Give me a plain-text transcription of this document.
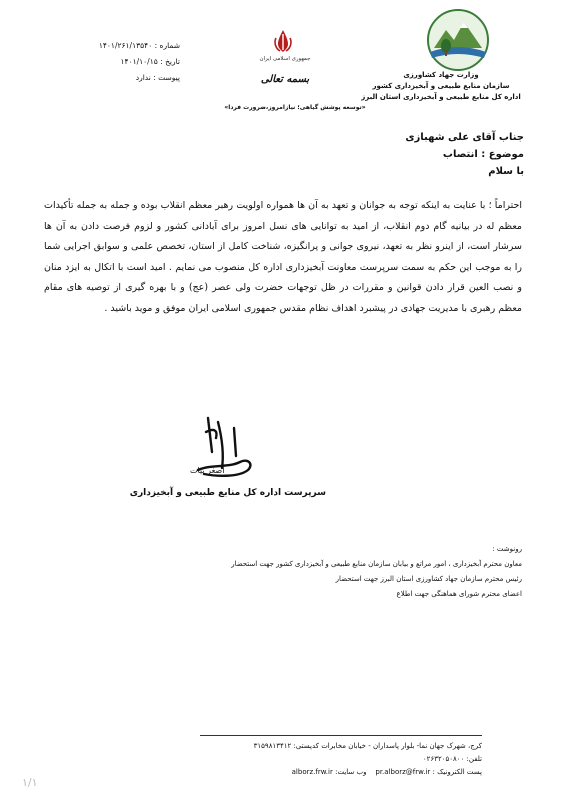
وزارت جهاد کشاورزی
سازمان منابع طبیعی و آبخیزداری کشور
اداره کل منابع طبیعی و آبخیزداری استان البرز
جمهوری اسلامی ایران
بسمه تعالی
«توسعه پوشش گیاهی؛ نیازامروز،ضرورت فردا»
شماره : ۱۴۰۱/۲۶۱/۱۳۵۴۰
تاریخ : ۱۴۰۱/۱۰/۱۵
پیوست : ندارد
جناب آقای علی شهبازی
موضوع : انتصاب
با سلام
احتراماً ؛ با عنایت به اینکه توجه به جوانان و تعهد به آن ها همواره اولویت رهبر معظم انقلاب بوده و جمله به جمله تأکیدات معظم له در بیانیه گام دوم انقلاب، از امید به توانایی های نسل امروز برای آبادانی کشور و لزوم فرصت دادن به آن ها سرشار است، از اینرو نظر به تعهد، نیروی جوانی و پرانگیزه، شناخت کامل از استان، تخصص علمی و سوابق اجرایی شما را به موجب این حکم به سمت سرپرست معاونت آبخیزداری اداره کل منصوب می نمایم . امید است با اتکال به ایزد منان و نصب العین قرار دادن قوانین و مقررات در ظل توجهات حضرت ولی عصر (عج) و با بهره گیری از توصیه های مقام معظم رهبری با مدیریت جهادی در پیشبرد اهداف نظام مقدس جمهوری اسلامی ایران موفق و موید باشید .
اصغر بیات
سرپرست اداره کل منابع طبیعی و آبخیزداری
رونوشت :
معاون محترم آبخیزداری ، امور مراتع و بیابان سازمان منابع طبیعی و آبخیزداری کشور جهت استحضار
رئیس محترم سازمان جهاد کشاورزی استان البرز جهت استحضار
اعضای محترم شورای هماهنگی جهت اطلاع
کرج، شهرک جهان نما- بلوار پاسداران - خیابان مخابرات کدپستی: ۳۱۵۹۸۱۳۴۱۲
تلفن: ۰۲۶۳۲۰۵۰۸۰۰
پست الکترونیک : pr.alborz@frw.ir    وب سایت: alborz.frw.ir
۱/۱
